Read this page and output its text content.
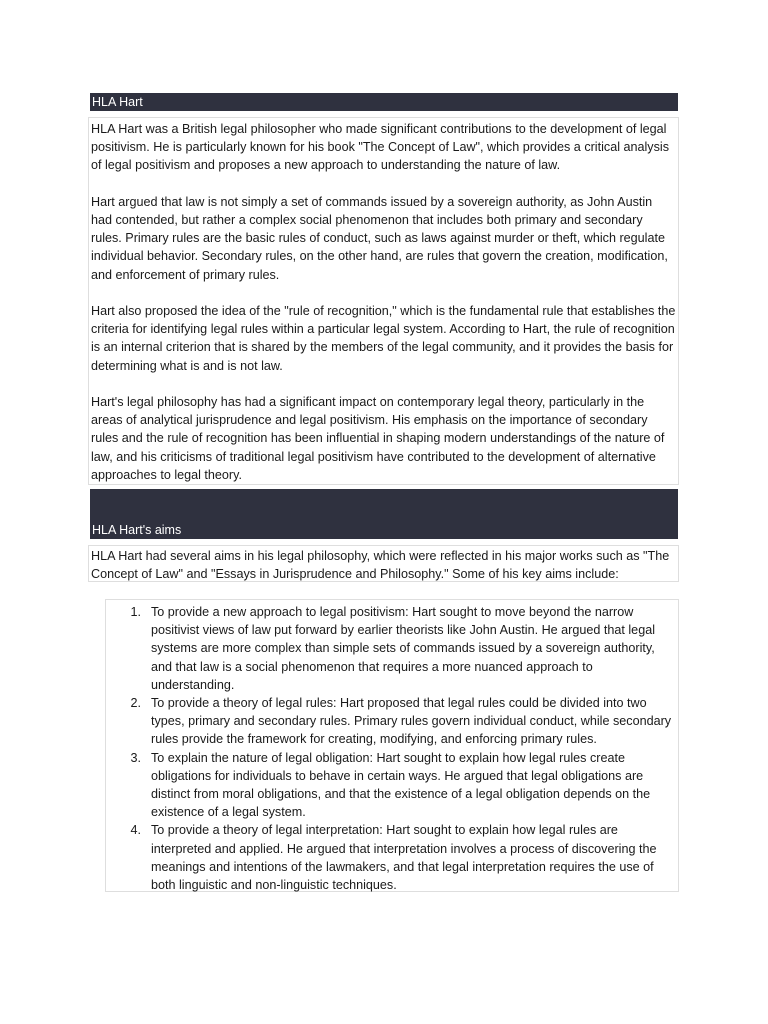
HLA Hart

HLA Hart was a British legal philosopher who made significant contributions to the development of legal positivism. He is particularly known for his book "The Concept of Law", which provides a critical analysis of legal positivism and proposes a new approach to understanding the nature of law.

Hart argued that law is not simply a set of commands issued by a sovereign authority, as John Austin had contended, but rather a complex social phenomenon that includes both primary and secondary rules. Primary rules are the basic rules of conduct, such as laws against murder or theft, which regulate individual behavior. Secondary rules, on the other hand, are rules that govern the creation, modification, and enforcement of primary rules.

Hart also proposed the idea of the "rule of recognition," which is the fundamental rule that establishes the criteria for identifying legal rules within a particular legal system. According to Hart, the rule of recognition is an internal criterion that is shared by the members of the legal community, and it provides the basis for determining what is and is not law.

Hart's legal philosophy has had a significant impact on contemporary legal theory, particularly in the areas of analytical jurisprudence and legal positivism. His emphasis on the importance of secondary rules and the rule of recognition has been influential in shaping modern understandings of the nature of law, and his criticisms of traditional legal positivism have contributed to the development of alternative approaches to legal theory.

HLA Hart's aims

HLA Hart had several aims in his legal philosophy, which were reflected in his major works such as "The Concept of Law" and "Essays in Jurisprudence and Philosophy." Some of his key aims include:

1. To provide a new approach to legal positivism: Hart sought to move beyond the narrow positivist views of law put forward by earlier theorists like John Austin. He argued that legal systems are more complex than simple sets of commands issued by a sovereign authority, and that law is a social phenomenon that requires a more nuanced approach to understanding.
2. To provide a theory of legal rules: Hart proposed that legal rules could be divided into two types, primary and secondary rules. Primary rules govern individual conduct, while secondary rules provide the framework for creating, modifying, and enforcing primary rules.
3. To explain the nature of legal obligation: Hart sought to explain how legal rules create obligations for individuals to behave in certain ways. He argued that legal obligations are distinct from moral obligations, and that the existence of a legal obligation depends on the existence of a legal system.
4. To provide a theory of legal interpretation: Hart sought to explain how legal rules are interpreted and applied. He argued that interpretation involves a process of discovering the meanings and intentions of the lawmakers, and that legal interpretation requires the use of both linguistic and non-linguistic techniques.
